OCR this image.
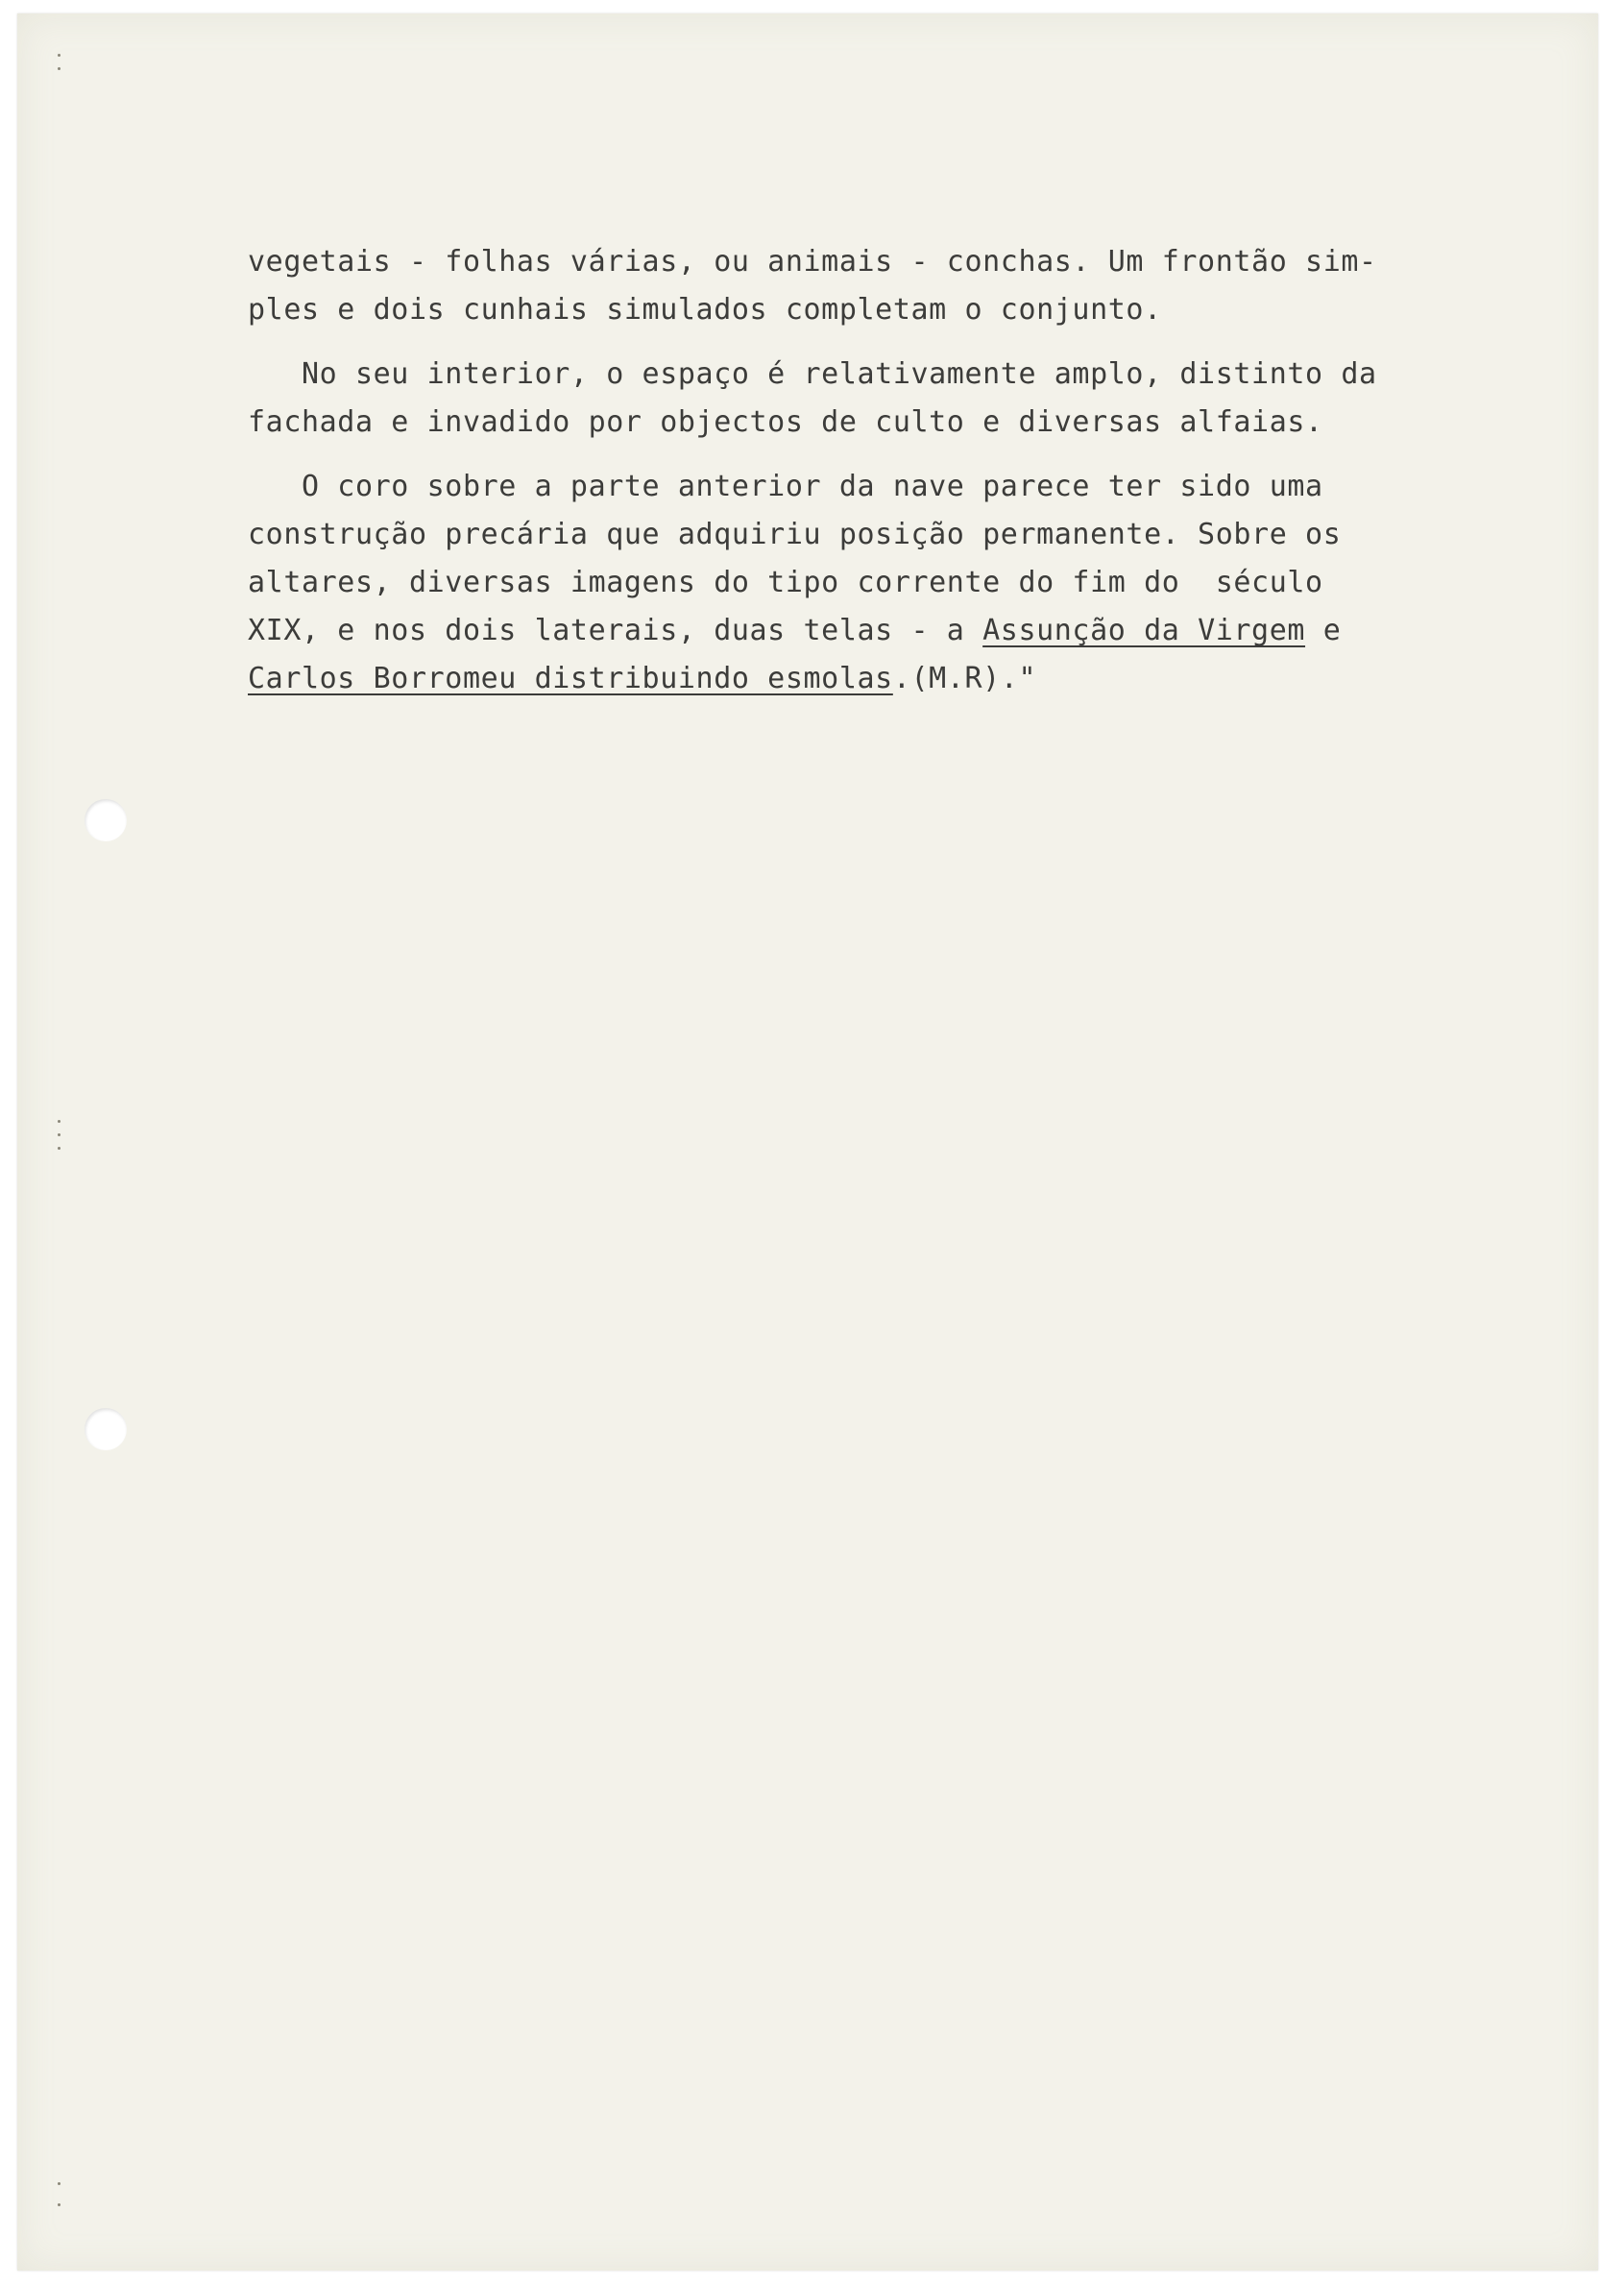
vegetais - folhas várias, ou animais - conchas. Um frontão sim-
ples e dois cunhais simulados completam o conjunto.
No seu interior, o espaço é relativamente amplo, distinto da
fachada e invadido por objectos de culto e diversas alfaias.
O coro sobre a parte anterior da nave parece ter sido uma
construção precária que adquiriu posição permanente. Sobre os
altares, diversas imagens do tipo corrente do fim do  século
XIX, e nos dois laterais, duas telas - a Assunção da Virgem e
Carlos Borromeu distribuindo esmolas.(M.R)."
